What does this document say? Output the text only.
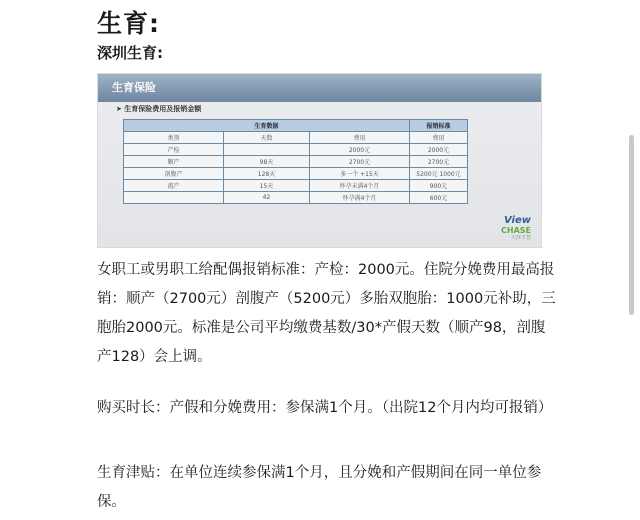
生育:
深圳生育:
生育保险
➤ 生育保险费用及报销金额
生育数据			报销标准
类别	天数	费用	费用
产检		2000元	2000元
顺产	98天	2700元	2700元
剖腹产	128天	多一个 +15天	5200元 1000元
流产	15天	怀孕未满4个月	900元
	42	怀孕满4个月	600元
View
CHASE
天泽才智
女职工或男职工给配偶报销标准：产检：2000元。住院分娩费用最高报销：顺产（2700元）剖腹产（5200元）多胎双胞胎：1000元补助，三胞胎2000元。标准是公司平均缴费基数/30*产假天数（顺产98，剖腹产128）会上调。
购买时长：产假和分娩费用：参保满1个月。（出院12个月内均可报销）
生育津贴：在单位连续参保满1个月，且分娩和产假期间在同一单位参保。
